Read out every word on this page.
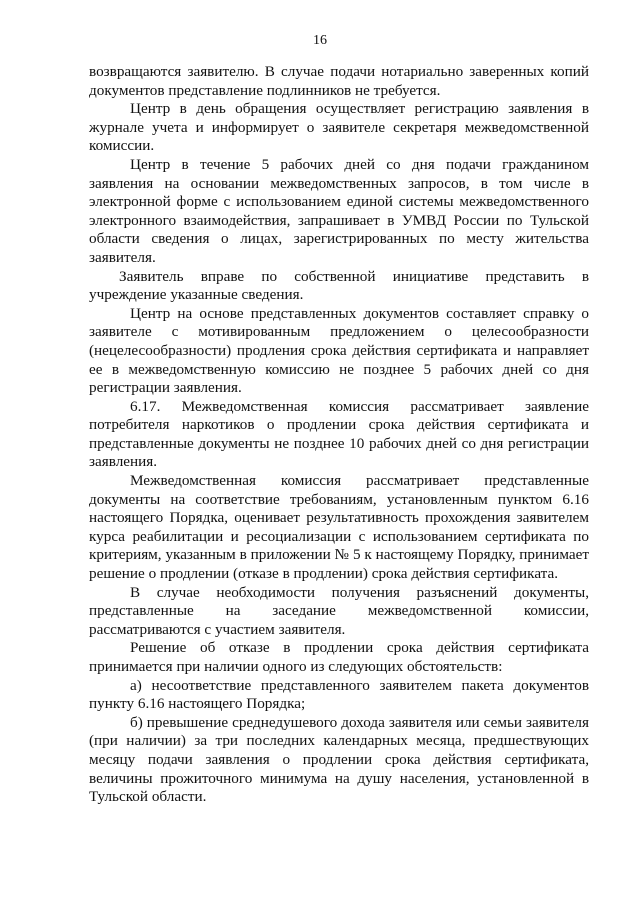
16

возвращаются заявителю. В случае подачи нотариально заверенных копий документов представление подлинников не требуется.

Центр в день обращения осуществляет регистрацию заявления в журнале учета и информирует о заявителе секретаря межведомственной комиссии.

Центр в течение 5 рабочих дней со дня подачи гражданином заявления на основании межведомственных запросов, в том числе в электронной форме с использованием единой системы межведомственного электронного взаимодействия, запрашивает в УМВД России по Тульской области сведения о лицах, зарегистрированных по месту жительства заявителя.

Заявитель вправе по собственной инициативе представить в учреждение указанные сведения.

Центр на основе представленных документов составляет справку о заявителе с мотивированным предложением о целесообразности (нецелесообразности) продления срока действия сертификата и направляет ее в межведомственную комиссию не позднее 5 рабочих дней со дня регистрации заявления.

6.17. Межведомственная комиссия рассматривает заявление потребителя наркотиков о продлении срока действия сертификата и представленные документы не позднее 10 рабочих дней со дня регистрации заявления.

Межведомственная комиссия рассматривает представленные документы на соответствие требованиям, установленным пунктом 6.16 настоящего Порядка, оценивает результативность прохождения заявителем курса реабилитации и ресоциализации с использованием сертификата по критериям, указанным в приложении № 5 к настоящему Порядку, принимает решение о продлении (отказе в продлении) срока действия сертификата.

В случае необходимости получения разъяснений документы, представленные на заседание межведомственной комиссии, рассматриваются с участием заявителя.

Решение об отказе в продлении срока действия сертификата принимается при наличии одного из следующих обстоятельств:

а) несоответствие представленного заявителем пакета документов пункту 6.16 настоящего Порядка;

б) превышение среднедушевого дохода заявителя или семьи заявителя (при наличии) за три последних календарных месяца, предшествующих месяцу подачи заявления о продлении срока действия сертификата, величины прожиточного минимума на душу населения, установленной в Тульской области.
